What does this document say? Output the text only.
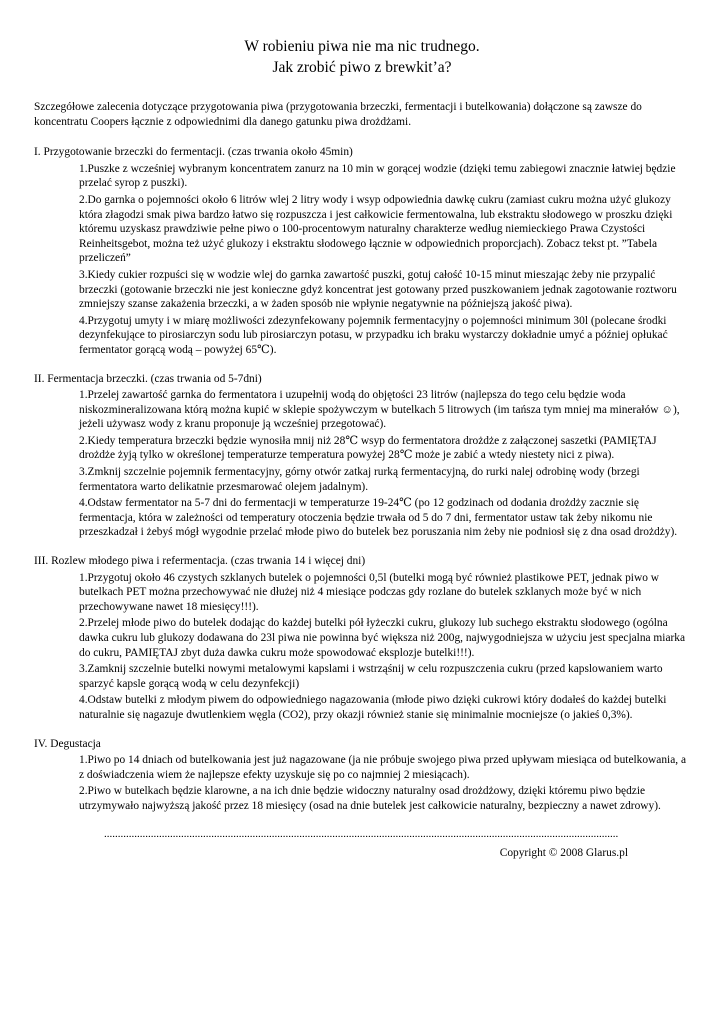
W robieniu piwa nie ma nic trudnego.
Jak zrobić piwo z brewkit’a?

Szczegółowe zalecenia dotyczące przygotowania piwa (przygotowania brzeczki, fermentacji i butelkowania) dołączone są zawsze do koncentratu Coopers łącznie z odpowiednimi dla danego gatunku piwa drożdżami.

I. Przygotowanie brzeczki do fermentacji. (czas trwania około 45min)
1.Puszke z wcześniej wybranym koncentratem zanurz na 10 min w gorącej wodzie (dzięki temu zabiegowi znacznie łatwiej będzie przelać syrop z puszki).
2.Do garnka o pojemności około 6 litrów wlej 2 litry wody i wsyp odpowiednia dawkę cukru (zamiast cukru można użyć glukozy która złagodzi smak piwa bardzo łatwo się rozpuszcza i jest całkowicie fermentowalna, lub ekstraktu słodowego w proszku dzięki któremu uzyskasz prawdziwie pełne piwo o 100-procentowym naturalny charakterze według niemieckiego Prawa Czystości Reinheitsgebot, można też użyć glukozy i ekstraktu słodowego łącznie w odpowiednich proporcjach). Zobacz tekst pt. ”Tabela przeliczeń”
3.Kiedy cukier rozpuści się w wodzie wlej do garnka zawartość puszki, gotuj całość 10-15 minut mieszając żeby nie przypalić brzeczki (gotowanie brzeczki nie jest konieczne gdyż koncentrat jest gotowany przed puszkowaniem jednak zagotowanie roztworu zmniejszy szanse zakażenia brzeczki, a w żaden sposób nie wpłynie negatywnie na późniejszą jakość piwa).
4.Przygotuj umyty i w miarę możliwości zdezynfekowany pojemnik fermentacyjny o pojemności minimum 30l (polecane środki dezynfekujące to pirosiarczyn sodu lub pirosiarczyn potasu, w przypadku ich braku wystarczy dokładnie umyć a później opłukać fermentator gorącą wodą – powyżej 65℃).
II. Fermentacja brzeczki. (czas trwania od 5-7dni)
1.Przelej zawartość garnka do fermentatora i uzupełnij wodą do objętości 23 litrów (najlepsza do tego celu będzie woda niskozmineralizowana którą można kupić w sklepie spożywczym w butelkach 5 litrowych (im tańsza tym mniej ma minerałów ☺), jeżeli używasz wody z kranu proponuje ją wcześniej przegotować).
2.Kiedy temperatura brzeczki będzie wynosiła mnij niż 28℃ wsyp do fermentatora drożdże z załączonej saszetki (PAMIĘTAJ drożdże żyją tylko w określonej temperaturze temperatura powyżej 28℃ może je zabić a wtedy niestety nici z piwa).
3.Zmknij szczelnie pojemnik fermentacyjny, górny otwór zatkaj rurką fermentacyjną, do rurki nalej odrobinę wody (brzegi fermentatora warto delikatnie przesmarować olejem jadalnym).
4.Odstaw fermentator na 5-7 dni do fermentacji w temperaturze 19-24℃ (po 12 godzinach od dodania drożdży zacznie się fermentacja, która w zależności od temperatury otoczenia będzie trwała od 5 do 7 dni, fermentator ustaw tak żeby nikomu nie przeszkadzał i żebyś mógł wygodnie przelać młode piwo do butelek bez poruszania nim żeby nie podniosł się z dna osad drożdży).
III. Rozlew młodego piwa i refermentacja. (czas trwania 14 i więcej dni)
1.Przygotuj około 46 czystych szklanych butelek o pojemności 0,5l (butelki mogą być również plastikowe PET, jednak piwo w butelkach PET można przechowywać nie dłużej niż 4 miesiące podczas gdy rozlane do butelek szklanych może być w nich przechowywane nawet 18 miesięcy!!!).
2.Przelej młode piwo do butelek dodając do każdej butelki pół łyżeczki cukru, glukozy lub suchego ekstraktu słodowego (ogólna dawka cukru lub glukozy dodawana do 23l piwa nie powinna być większa niż 200g, najwygodniejsza w użyciu jest specjalna miarka do cukru, PAMIĘTAJ zbyt duża dawka cukru może spowodować eksplozje butelki!!!).
3.Zamknij szczelnie butelki nowymi metalowymi kapslami i wstrząśnij w celu rozpuszczenia cukru (przed kapslowaniem warto sparzyć kapsle gorącą wodą w celu dezynfekcji)
4.Odstaw butelki z młodym piwem do odpowiedniego nagazowania (młode piwo dzięki cukrowi który dodałeś do każdej butelki naturalnie się nagazuje dwutlenkiem węgla (CO2), przy okazji również stanie się minimalnie mocniejsze (o jakieś 0,3%).
IV. Degustacja
1.Piwo po 14 dniach od butelkowania jest już nagazowane (ja nie próbuje swojego piwa przed upływam miesiąca od butelkowania, a z doświadczenia wiem że najlepsze efekty uzyskuje się po co najmniej 2 miesiącach).
2.Piwo w butelkach będzie klarowne, a na ich dnie będzie widoczny naturalny osad drożdżowy, dzięki któremu piwo będzie utrzymywało najwyższą jakość przez 18 miesięcy (osad na dnie butelek jest całkowicie naturalny, bezpieczny a nawet zdrowy).
...........................................................................................................................................................................................
Copyright © 2008 Glarus.pl
